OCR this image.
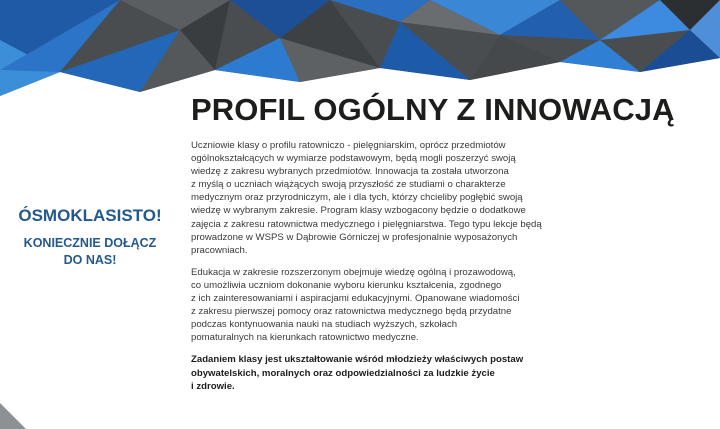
PROFIL OGÓLNY Z INNOWACJĄ
ÓSMOKLASISTO!
KONIECZNIE DOŁĄCZ
DO NAS!

Uczniowie klasy o profilu ratowniczo - pielęgniarskim, oprócz przedmiotów
ogólnokształcących w wymiarze podstawowym, będą mogli poszerzyć swoją
wiedzę z zakresu wybranych przedmiotów. Innowacja ta została utworzona
z myślą o uczniach wiążących swoją przyszłość ze studiami o charakterze
medycznym oraz przyrodniczym, ale i dla tych, którzy chcieliby pogłębić swoją
wiedzę w wybranym zakresie. Program klasy wzbogacony będzie o dodatkowe
zajęcia z zakresu ratownictwa medycznego i pielęgniarstwa. Tego typu lekcje będą
prowadzone w WSPS w Dąbrowie Górniczej w profesjonalnie wyposażonych
pracowniach.

Edukacja w zakresie rozszerzonym obejmuje wiedzę ogólną i prozawodową,
co umożliwia uczniom dokonanie wyboru kierunku kształcenia, zgodnego
z ich zainteresowaniami i aspiracjami edukacyjnymi. Opanowane wiadomości
z zakresu pierwszej pomocy oraz ratownictwa medycznego będą przydatne
podczas kontynuowania nauki na studiach wyższych, szkołach
pomaturalnych na kierunkach ratownictwo medyczne.

Zadaniem klasy jest ukształtowanie wśród młodzieży właściwych postaw
obywatelskich, moralnych oraz odpowiedzialności za ludzkie życie
i zdrowie.
